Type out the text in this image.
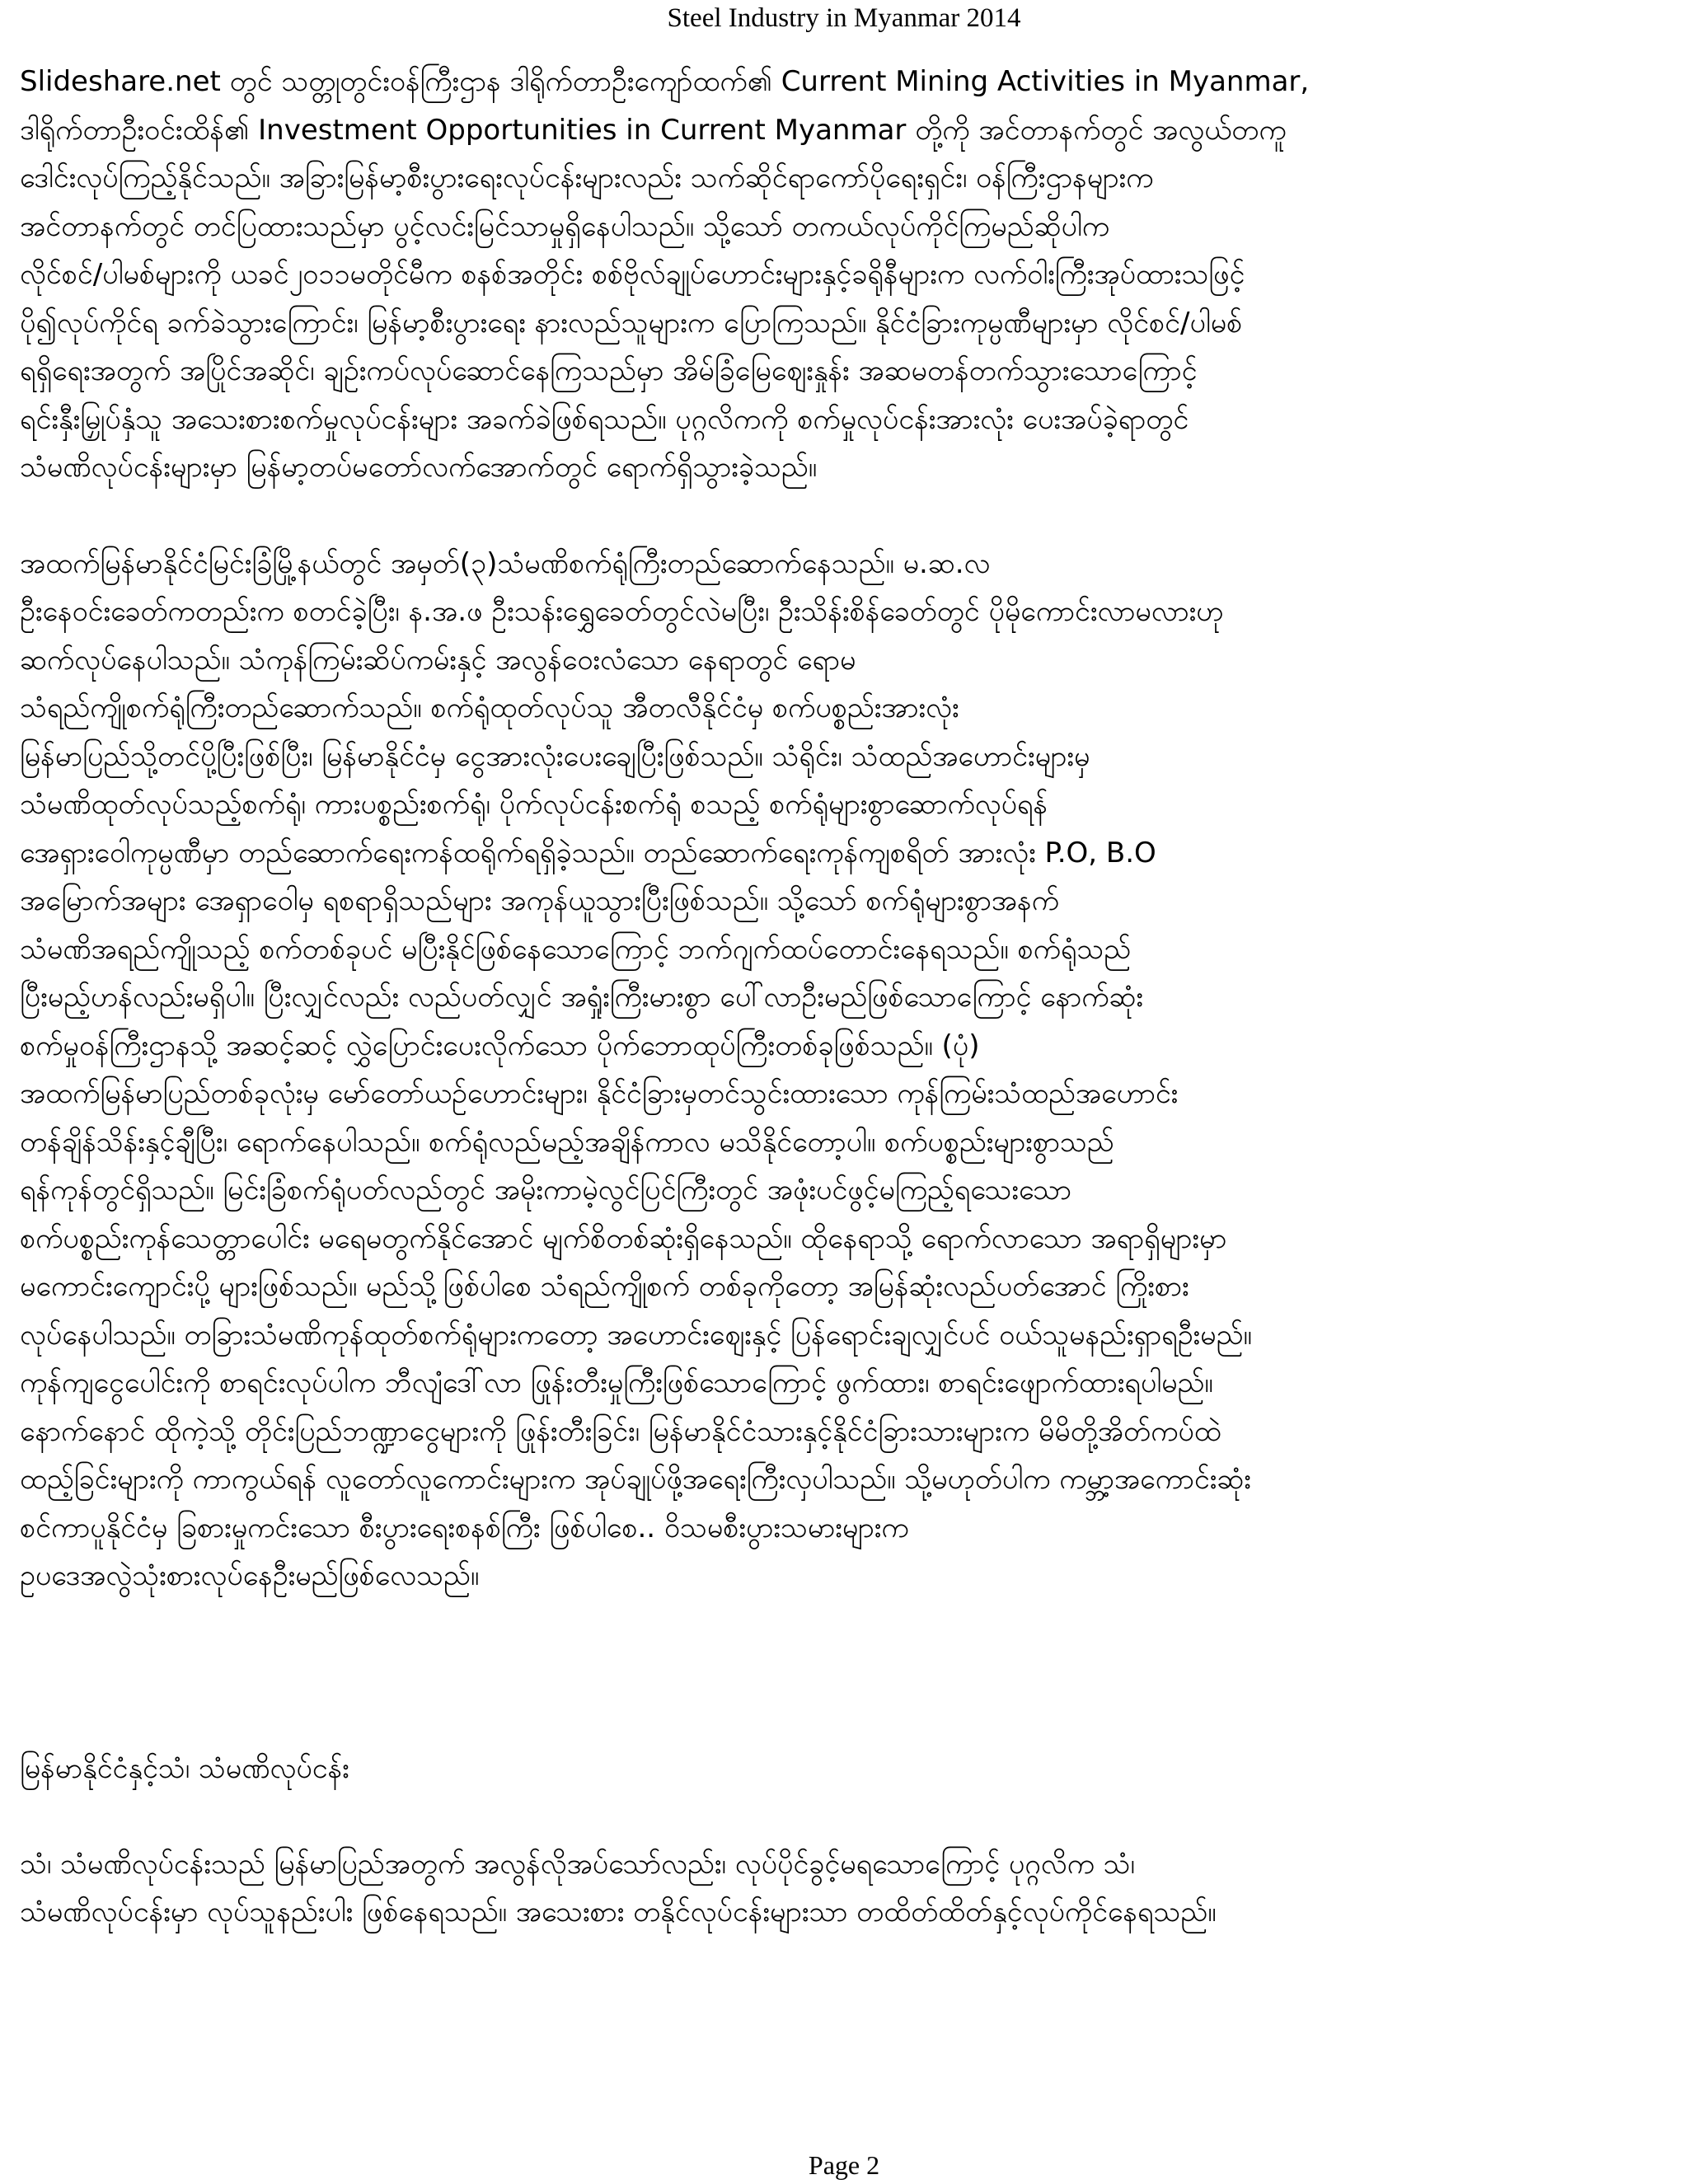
Steel Industry in Myanmar 2014
Slideshare.net တွင် သတ္တုတွင်းဝန်ကြီးဌာန ဒါရိုက်တာဦးကျော်ထက်၏ Current Mining Activities in Myanmar,
ဒါရိုက်တာဦးဝင်းထိန်၏ Investment Opportunities in Current Myanmar တို့ကို အင်တာနက်တွင် အလွယ်တကူ
ဒေါင်းလုပ်ကြည့်နိုင်သည်။ အခြားမြန်မာ့စီးပွားရေးလုပ်ငန်းများလည်း သက်ဆိုင်ရာကော်ပိုရေးရှင်း၊ ဝန်ကြီးဌာနများက
အင်တာနက်တွင် တင်ပြထားသည်မှာ ပွင့်လင်းမြင်သာမှုရှိနေပါသည်။ သို့သော် တကယ်လုပ်ကိုင်ကြမည်ဆိုပါက
လိုင်စင်/ပါမစ်များကို ယခင်၂၀၁၁မတိုင်မီက စနစ်အတိုင်း စစ်ဗိုလ်ချုပ်ဟောင်းများနှင့်ခရိုနီများက လက်ဝါးကြီးအုပ်ထားသဖြင့်
ပို၍လုပ်ကိုင်ရ ခက်ခဲသွားကြောင်း၊ မြန်မာ့စီးပွားရေး နားလည်သူများက ပြောကြသည်။ နိုင်ငံခြားကုမ္ပဏီများမှာ လိုင်စင်/ပါမစ်
ရရှိရေးအတွက် အပြိုင်အဆိုင်၊ ချဉ်းကပ်လုပ်ဆောင်နေကြသည်မှာ အိမ်ခြံမြေဈေးနှုန်း အဆမတန်တက်သွားသောကြောင့်
ရင်းနှီးမြှုပ်နှံသူ အသေးစားစက်မှုလုပ်ငန်းများ အခက်ခဲဖြစ်ရသည်။ ပုဂ္ဂလိကကို စက်မှုလုပ်ငန်းအားလုံး ပေးအပ်ခဲ့ရာတွင်
သံမဏိလုပ်ငန်းများမှာ မြန်မာ့တပ်မတော်လက်အောက်တွင် ရောက်ရှိသွားခဲ့သည်။
အထက်မြန်မာနိုင်ငံမြင်းခြံမြို့နယ်တွင် အမှတ်(၃)သံမဏိစက်ရုံကြီးတည်ဆောက်နေသည်။ မ.ဆ.လ
ဦးနေဝင်းခေတ်ကတည်းက စတင်ခဲ့ပြီး၊ န.အ.ဖ ဦးသန်းရွှေခေတ်တွင်လဲမပြီး၊ ဦးသိန်းစိန်ခေတ်တွင် ပိုမိုကောင်းလာမလားဟု
ဆက်လုပ်နေပါသည်။ သံကုန်ကြမ်းဆိပ်ကမ်းနှင့် အလွန်ဝေးလံသော နေရာတွင် ရောမ
သံရည်ကျိုစက်ရုံကြီးတည်ဆောက်သည်။ စက်ရုံထုတ်လုပ်သူ အီတလီနိုင်ငံမှ စက်ပစ္စည်းအားလုံး
မြန်မာပြည်သို့တင်ပို့ပြီးဖြစ်ပြီး၊ မြန်မာနိုင်ငံမှ ငွေအားလုံးပေးချေပြီးဖြစ်သည်။ သံရိုင်း၊ သံထည်အဟောင်းများမှ
သံမဏိထုတ်လုပ်သည့်စက်ရုံ၊ ကားပစ္စည်းစက်ရုံ၊ ပိုက်လုပ်ငန်းစက်ရုံ စသည့် စက်ရုံများစွာဆောက်လုပ်ရန်
အေရှားဝေါကုမ္ပဏီမှာ တည်ဆောက်ရေးကန်ထရိုက်ရရှိခဲ့သည်။ တည်ဆောက်ရေးကုန်ကျစရိတ် အားလုံး P.O, B.O
အမြောက်အများ အေရှာဝေါမှ ရစရာရှိသည်များ အကုန်ယူသွားပြီးဖြစ်သည်။ သို့သော် စက်ရုံများစွာအနက်
သံမဏိအရည်ကျိုသည့် စက်တစ်ခုပင် မပြီးနိုင်ဖြစ်နေသောကြောင့် ဘက်ဂျက်ထပ်တောင်းနေရသည်။ စက်ရုံသည်
ပြီးမည့်ဟန်လည်းမရှိပါ။ ပြီးလျှင်လည်း လည်ပတ်လျှင် အရှုံးကြီးမားစွာ ပေါ်လာဦးမည်ဖြစ်သောကြောင့် နောက်ဆုံး
စက်မှုဝန်ကြီးဌာနသို့ အဆင့်ဆင့် လွှဲပြောင်းပေးလိုက်သော ပိုက်ဘောထုပ်ကြီးတစ်ခုဖြစ်သည်။ (ပုံ)
အထက်မြန်မာပြည်တစ်ခုလုံးမှ မော်တော်ယဉ်ဟောင်းများ၊ နိုင်ငံခြားမှတင်သွင်းထားသော ကုန်ကြမ်းသံထည်အဟောင်း
တန်ချိန်သိန်းနှင့်ချီပြီး၊ ရောက်နေပါသည်။ စက်ရုံလည်မည့်အချိန်ကာလ မသိနိုင်တော့ပါ။ စက်ပစ္စည်းများစွာသည်
ရန်ကုန်တွင်ရှိသည်။ မြင်းခြံစက်ရုံပတ်လည်တွင် အမိုးကာမဲ့လွင်ပြင်ကြီးတွင် အဖုံးပင်ဖွင့်မကြည့်ရသေးသော
စက်ပစ္စည်းကုန်သေတ္တာပေါင်း မရေမတွက်နိုင်အောင် မျက်စိတစ်ဆုံးရှိနေသည်။ ထိုနေရာသို့ ရောက်လာသော အရာရှိများမှာ
မကောင်းကျောင်းပို့ များဖြစ်သည်။ မည်သို့ဖြစ်ပါစေ သံရည်ကျိုစက် တစ်ခုကိုတော့ အမြန်ဆုံးလည်ပတ်အောင် ကြိုးစား
လုပ်နေပါသည်။ တခြားသံမဏိကုန်ထုတ်စက်ရုံများကတော့ အဟောင်းဈေးနှင့် ပြန်ရောင်းချလျှင်ပင် ဝယ်သူမနည်းရှာရဦးမည်။
ကုန်ကျငွေပေါင်းကို စာရင်းလုပ်ပါက ဘီလျံဒေါ်လာ ဖြုန်းတီးမှုကြီးဖြစ်သောကြောင့် ဖွက်ထား၊ စာရင်းဖျောက်ထားရပါမည်။
နောက်နောင် ထိုကဲ့သို့ တိုင်းပြည်ဘဏ္ဍာငွေများကို ဖြုန်းတီးခြင်း၊ မြန်မာနိုင်ငံသားနှင့်နိုင်ငံခြားသားများက မိမိတို့အိတ်ကပ်ထဲ
ထည့်ခြင်းများကို ကာကွယ်ရန် လူတော်လူကောင်းများက အုပ်ချုပ်ဖို့အရေးကြီးလှပါသည်။ သို့မဟုတ်ပါက ကမ္ဘာ့အကောင်းဆုံး
စင်ကာပူနိုင်ငံမှ ခြစားမှုကင်းသော စီးပွားရေးစနစ်ကြီး ဖြစ်ပါစေ.. ဝိသမစီးပွားသမားများက
ဥပဒေအလွဲသုံးစားလုပ်နေဦးမည်ဖြစ်လေသည်။
မြန်မာနိုင်ငံနှင့်သံ၊ သံမဏိလုပ်ငန်း
သံ၊ သံမဏိလုပ်ငန်းသည် မြန်မာပြည်အတွက် အလွန်လိုအပ်သော်လည်း၊ လုပ်ပိုင်ခွင့်မရသောကြောင့် ပုဂ္ဂလိက သံ၊
သံမဏိလုပ်ငန်းမှာ လုပ်သူနည်းပါး ဖြစ်နေရသည်။ အသေးစား တနိုင်လုပ်ငန်းများသာ တထိတ်ထိတ်နှင့်လုပ်ကိုင်နေရသည်။
Page 2
